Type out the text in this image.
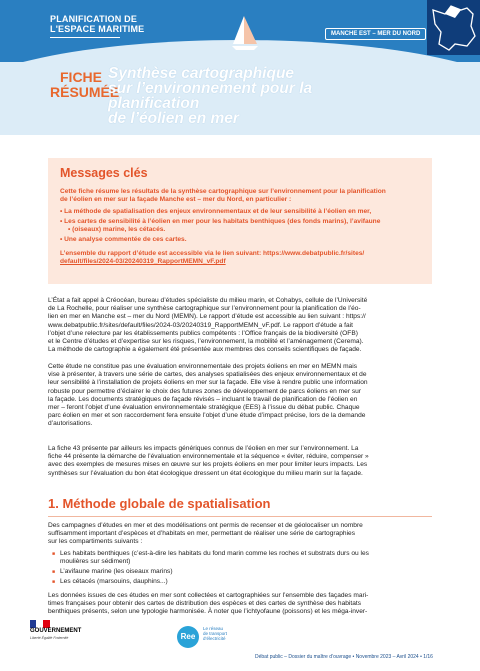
PLANIFICATION DE
L'ESPACE MARITIME	MANCHE EST – MER DU NORD
FICHE
RÉSUMÉE
Synthèse cartographique
sur l’environnement pour la planification
de l’éolien en mer
Messages clés

Cette fiche résume les résultats de la synthèse cartographique sur l’environnement pour la planification

de l’éolien en mer sur la façade Manche est – mer du Nord, en particulier :

• La méthode de spatialisation des enjeux environnementaux et de leur sensibilité à l’éolien en mer,
• Les cartes de sensibilité à l’éolien en mer pour les habitats benthiques (des fonds marins), l’avifaune
• (oiseaux) marine, les cétacés.
• Une analyse commentée de ces cartes.

L’ensemble du rapport d’étude est accessible via le lien suivant: https://www.debatpublic.fr/sites/

default/files/2024-03/20240319_RapportMEMN_vF.pdf

L’État a fait appel à Créocéan, bureau d’études spécialiste du milieu marin, et Cohabys, cellule de l’Université
de La Rochelle, pour réaliser une synthèse cartographique sur l’environnement pour la planification de l’éo-
lien en mer en Manche est – mer du Nord (MEMN). Le rapport d’étude est accessible au lien suivant : https://
www.debatpublic.fr/sites/default/files/2024-03/20240319_RapportMEMN_vF.pdf. Le rapport d’étude a fait
l’objet d’une relecture par les établissements publics compétents : l’Office français de la biodiversité (OFB)
et le Centre d’études et d’expertise sur les risques, l’environnement, la mobilité et l’aménagement (Cerema).
La méthode de cartographie a également été présentée aux membres des conseils scientifiques de façade.
Cette étude ne constitue pas une évaluation environnementale des projets éoliens en mer en MEMN mais
vise à présenter, à travers une série de cartes, des analyses spatialisées des enjeux environnementaux et de
leur sensibilité à l’installation de projets éoliens en mer sur la façade. Elle vise à rendre public une information
robuste pour permettre d’éclairer le choix des futures zones de développement de parcs éoliens en mer sur
la façade. Les documents stratégiques de façade révisés – incluant le travail de planification de l’éolien en
mer – feront l’objet d’une évaluation environnementale stratégique (EES) à l’issue du débat public. Chaque
parc éolien en mer et son raccordement fera ensuite l’objet d’une étude d’impact précise, lors de la demande
d’autorisations.
La fiche 43 présente par ailleurs les impacts génériques connus de l’éolien en mer sur l’environnement. La
fiche 44 présente la démarche de l’évaluation environnementale et la séquence « éviter, réduire, compenser »
avec des exemples de mesures mises en œuvre sur les projets éoliens en mer pour limiter leurs impacts. Les
synthèses sur l’évaluation du bon état écologique dressent un état écologique du milieu marin sur la façade.
1. Méthode globale de spatialisation
Des campagnes d’études en mer et des modélisations ont permis de recenser et de géolocaliser un nombre
suffisamment important d’espèces et d’habitats en mer, permettant de réaliser une série de cartographies
sur les compartiments suivants :
■ Les habitats benthiques (c’est-à-dire les habitats du fond marin comme les roches et substrats durs ou les
moulières sur sédiment)
■ L’avifaune marine (les oiseaux marins)
■ Les cétacés (marsouins, dauphins...)
Les données issues de ces études en mer sont collectées et cartographiées sur l’ensemble des façades mari-
times françaises pour obtenir des cartes de distribution des espèces et des cartes de synthèse des habitats
benthiques présents, selon une typologie harmonisée. À noter que l’ichtyofaune (poissons) et les méga-inver-
GOUVERNEMENT
Liberté Égalité Fraternité	Ree
Le réseau
de transport
d’électricité
Débat public – Dossier du maître d’ouvrage • Novembre 2023 – Avril 2024 • 1/16
